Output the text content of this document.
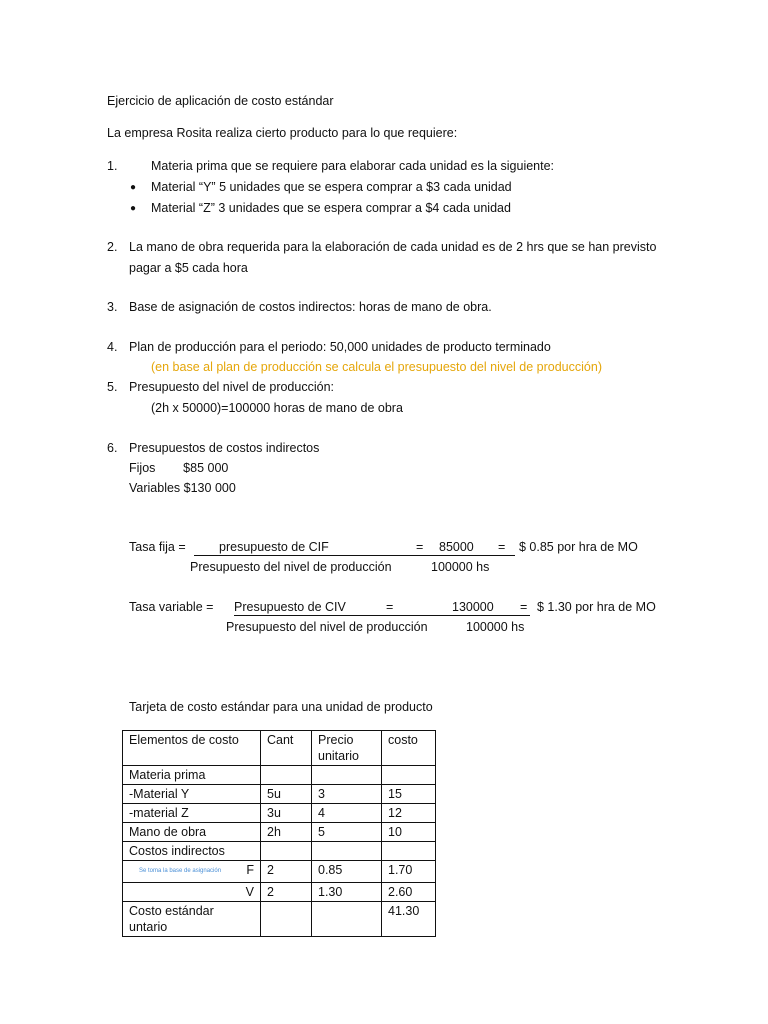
Ejercicio de aplicación de costo estándar
La empresa Rosita realiza cierto producto para lo que requiere:
1.	Materia prima que se requiere para elaborar cada unidad es la siguiente:
● Material “Y” 5 unidades que se espera comprar a $3 cada unidad
● Material “Z” 3 unidades que se espera comprar a $4 cada unidad
2. La mano de obra requerida para la elaboración de cada unidad es de 2 hrs que se han previsto
pagar a $5 cada hora
3. Base de asignación de costos indirectos: horas de mano de obra.
4. Plan de producción para el periodo: 50,000 unidades de producto terminado
(en base al plan de producción se calcula el presupuesto del nivel de producción)
5. Presupuesto del nivel de producción:
(2h x 50000)=100000 horas de mano de obra
6. Presupuestos de costos indirectos
Fijos        $85 000
Variables $130 000
Tasa fija =	presupuesto de CIF	= 85000 =
$ 0.85 por hra de MO
Presupuesto del nivel de producción	100000 hs
Tasa variable = Presupuesto de CIV	=	130000 =
$ 1.30 por hra de MO
Presupuesto del nivel de producción	100000 hs
Tarjeta de costo estándar para una unidad de producto
Elementos de costo	Cant	Precio unitario	costo
Materia prima			
-Material Y	5u	3	15
-material Z	3u	4	12
Mano de obra	2h	5	10
Costos indirectos			
Se toma la base de asignación F	2	0.85	1.70
V	2	1.30	2.60
Costo estándar untario			41.30
